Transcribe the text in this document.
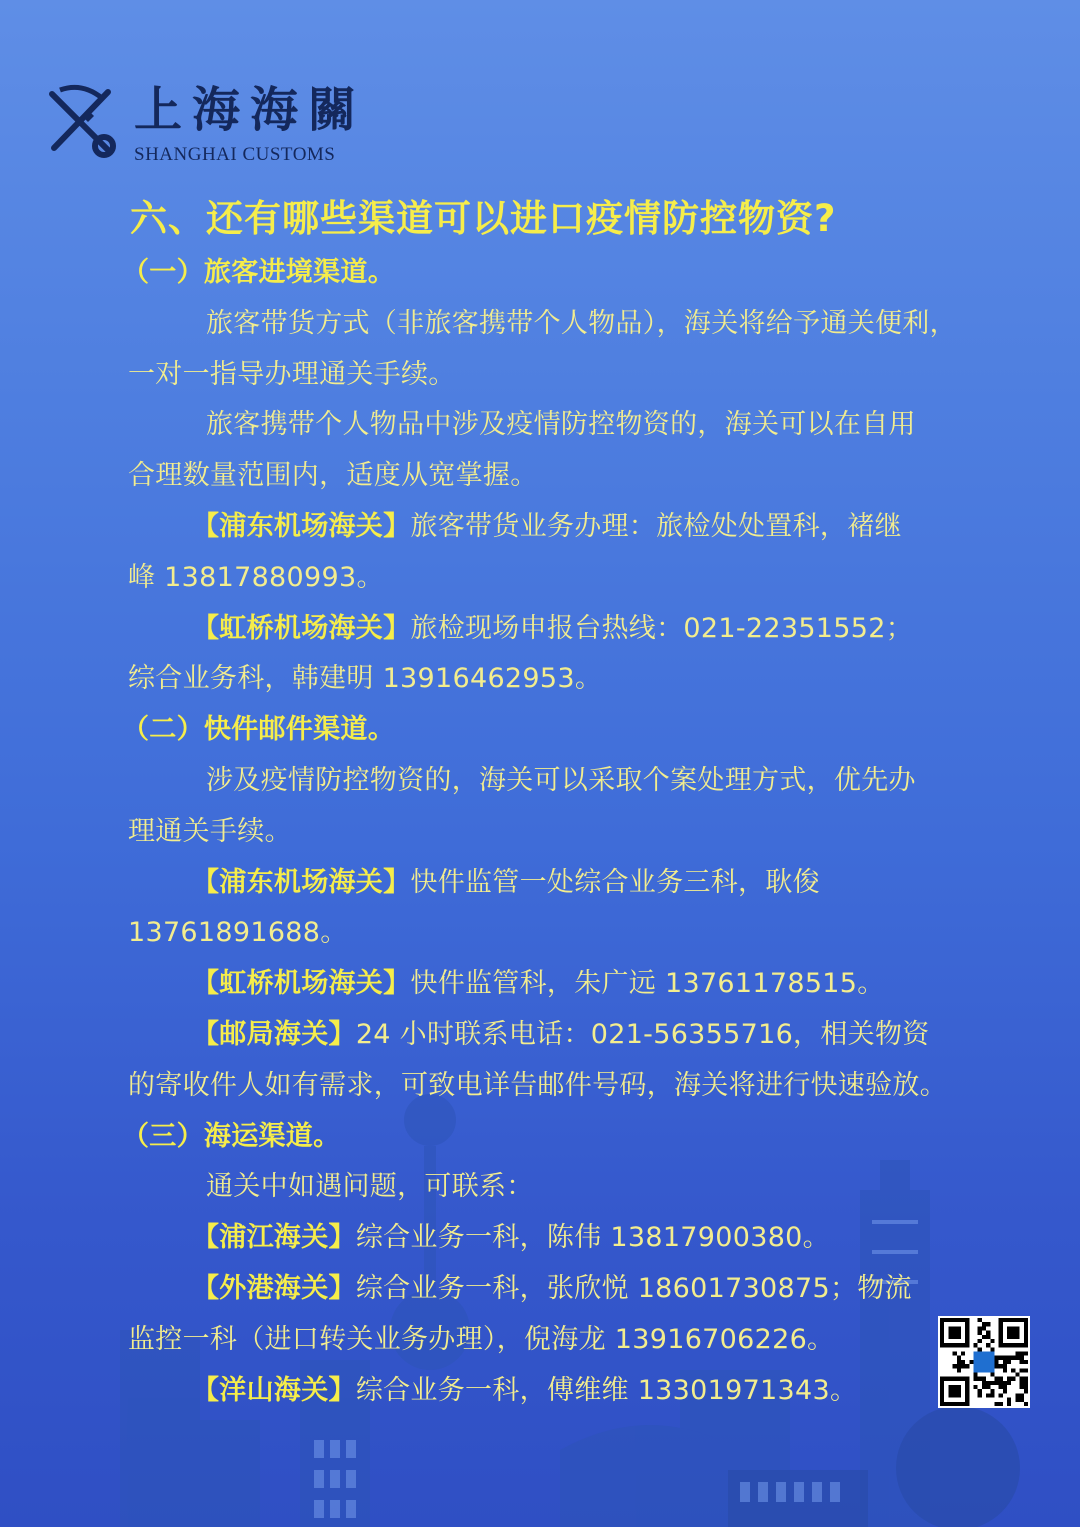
上海海關
SHANGHAI CUSTOMS
六、还有哪些渠道可以进口疫情防控物资?
（一）旅客进境渠道。
旅客带货方式（非旅客携带个人物品），海关将给予通关便利，
一对一指导办理通关手续。
旅客携带个人物品中涉及疫情防控物资的，海关可以在自用
合理数量范围内，适度从宽掌握。
【浦东机场海关】旅客带货业务办理：旅检处处置科，褚继
峰 13817880993。
【虹桥机场海关】旅检现场申报台热线：021-22351552；
综合业务科，韩建明 13916462953。
（二）快件邮件渠道。
涉及疫情防控物资的，海关可以采取个案处理方式，优先办
理通关手续。
【浦东机场海关】快件监管一处综合业务三科，耿俊
13761891688。
【虹桥机场海关】快件监管科，朱广远 13761178515。
【邮局海关】24 小时联系电话：021-56355716，相关物资
的寄收件人如有需求，可致电详告邮件号码，海关将进行快速验放。
（三）海运渠道。
通关中如遇问题，可联系：
【浦江海关】综合业务一科，陈伟 13817900380。
【外港海关】综合业务一科，张欣悦 18601730875；物流
监控一科（进口转关业务办理），倪海龙 13916706226。
【洋山海关】综合业务一科，傅维维 13301971343。
